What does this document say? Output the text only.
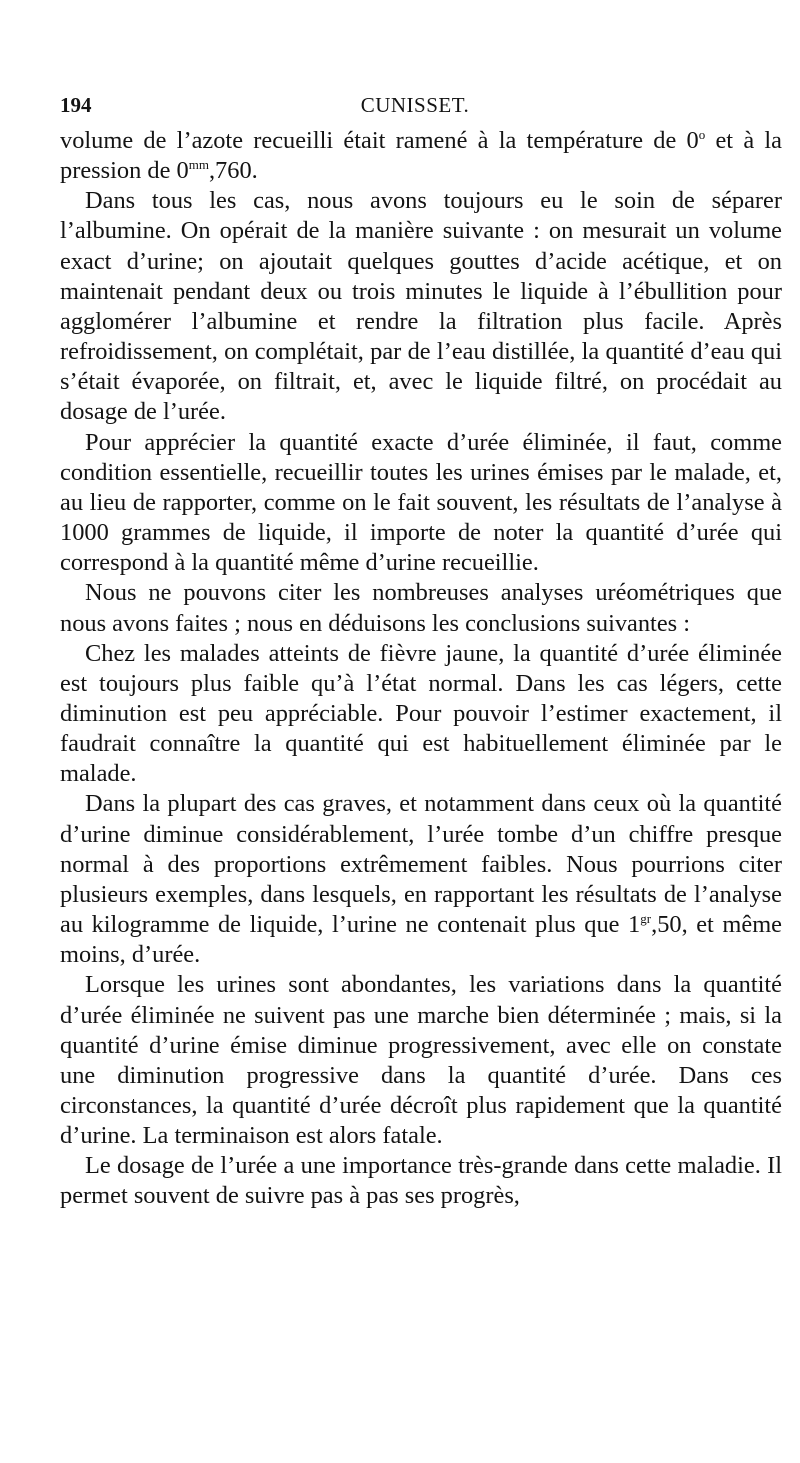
194	CUNISSET.

volume de l’azote recueilli était ramené à la température de 0$^o$ et à la pression de $0^{mm},760$.

Dans tous les cas, nous avons toujours eu le soin de séparer l’albumine. On opérait de la manière suivante : on mesurait un volume exact d’urine; on ajoutait quelques gouttes d’acide acétique, et on maintenait pendant deux ou trois minutes le liquide à l’ébullition pour agglomérer l’albumine et rendre la filtration plus facile. Après refroidissement, on complétait, par de l’eau distillée, la quantité d’eau qui s’était évaporée, on filtrait, et, avec le liquide filtré, on procédait au dosage de l’urée.

Pour apprécier la quantité exacte d’urée éliminée, il faut, comme condition essentielle, recueillir toutes les urines émises par le malade, et, au lieu de rapporter, comme on le fait souvent, les résultats de l’analyse à 1000 grammes de liquide, il importe de noter la quantité d’urée qui correspond à la quantité même d’urine recueillie.

Nous ne pouvons citer les nombreuses analyses uréométriques que nous avons faites ; nous en déduisons les conclusions suivantes :

Chez les malades atteints de fièvre jaune, la quantité d’urée éliminée est toujours plus faible qu’à l’état normal. Dans les cas légers, cette diminution est peu appréciable. Pour pouvoir l’estimer exactement, il faudrait connaître la quantité qui est habituellement éliminée par le malade.

Dans la plupart des cas graves, et notamment dans ceux où la quantité d’urine diminue considérablement, l’urée tombe d’un chiffre presque normal à des proportions extrêmement faibles. Nous pourrions citer plusieurs exemples, dans lesquels, en rapportant les résultats de l’analyse au kilogramme de liquide, l’urine ne contenait plus que $1^{gr},50$, et même moins, d’urée.

Lorsque les urines sont abondantes, les variations dans la quantité d’urée éliminée ne suivent pas une marche bien déterminée ; mais, si la quantité d’urine émise diminue progressivement, avec elle on constate une diminution progressive dans la quantité d’urée. Dans ces circonstances, la quantité d’urée décroît plus rapidement que la quantité d’urine. La terminaison est alors fatale.

Le dosage de l’urée a une importance très-grande dans cette maladie. Il permet souvent de suivre pas à pas ses progrès,
